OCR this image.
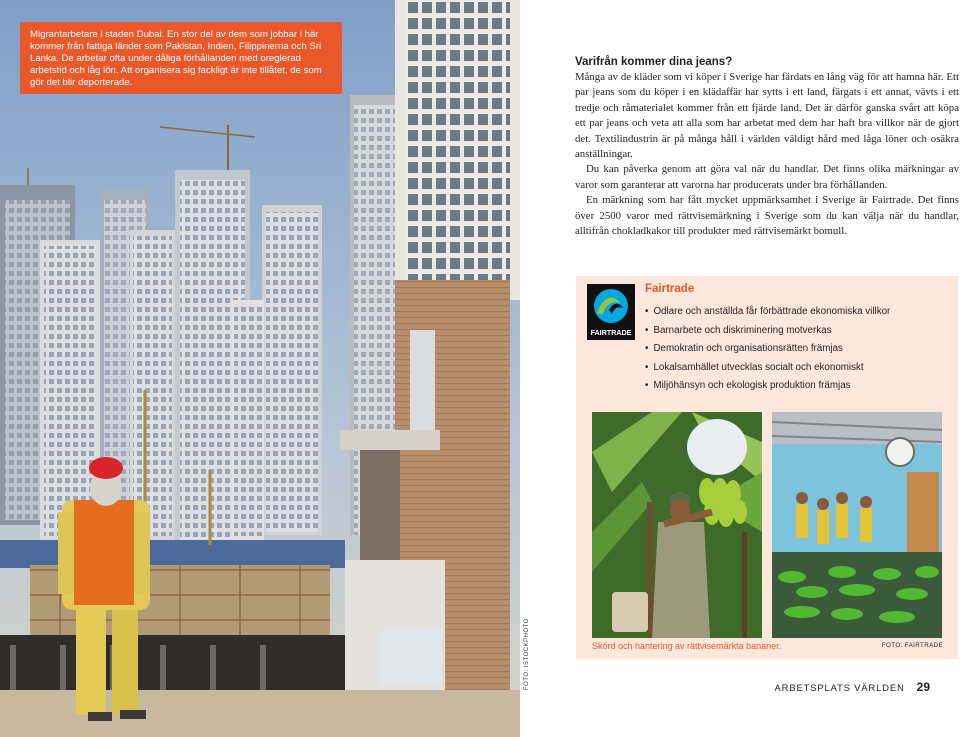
Migrantarbetare i staden Dubai. En stor del av dem som jobbar i här kommer från fattiga länder som Pakistan, Indien, Filippinerna och Sri Lanka. De arbetar ofta under dåliga förhållanden med oreglerad arbetstid och låg lön. Att organisera sig fackligt är inte tillåtet, de som gör det blir deporterade.
FOTO: ISTOCKPHOTO
Varifrån kommer dina jeans?

Många av de kläder som vi köper i Sverige har färdats en lång väg för att hamna här. Ett par jeans som du köper i en klädaffär har sytts i ett land, färgats i ett annat, vävts i ett tredje och råmaterialet kommer från ett fjärde land. Det är därför ganska svårt att köpa ett par jeans och veta att alla som har arbetat med dem har haft bra villkor när de gjort det. Textilindustrin är på många håll i världen väldigt hård med låga löner och osäkra anställningar.

Du kan påverka genom att göra val när du handlar. Det finns olika märkningar av varor som garanterar att varorna har producerats under bra förhållanden.

En märkning som har fått mycket uppmärksamhet i Sverige är Fairtrade. Det finns över 2500 varor med rättvisemärkning i Sverige som du kan välja när du handlar, alltifrån chokladkakor till produkter med rättvisemärkt bomull.

FAIRTRADE
Fairtrade
• Odlare och anställda får förbättrade ekonomiska villkor
• Barnarbete och diskriminering motverkas
• Demokratin och organisationsrätten främjas
• Lokalsamhället utvecklas socialt och ekonomiskt
• Miljöhänsyn och ekologisk produktion främjas
Skörd och hantering av rättvisemärkta bananer.	FOTO: FAIRTRADE
ARBETSPLATS VÄRLDEN 29
